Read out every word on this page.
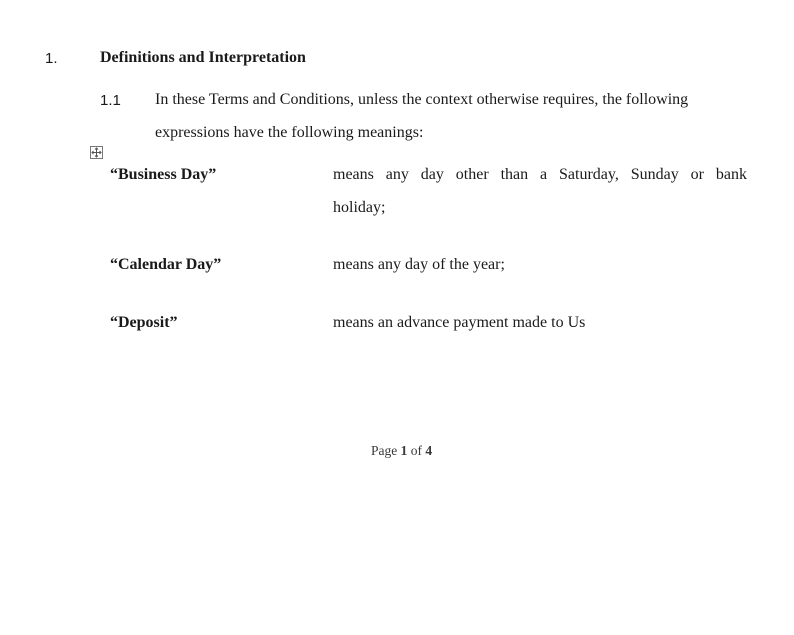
1.	Definitions and Interpretation
1.1 In these Terms and Conditions, unless the context otherwise requires, the following
expressions have the following meanings:
“Business Day”	means any day other than a Saturday, Sunday or bank
holiday;
“Calendar Day”	means any day of the year;
“Deposit”	means an advance payment made to Us
Page 1 of 4
